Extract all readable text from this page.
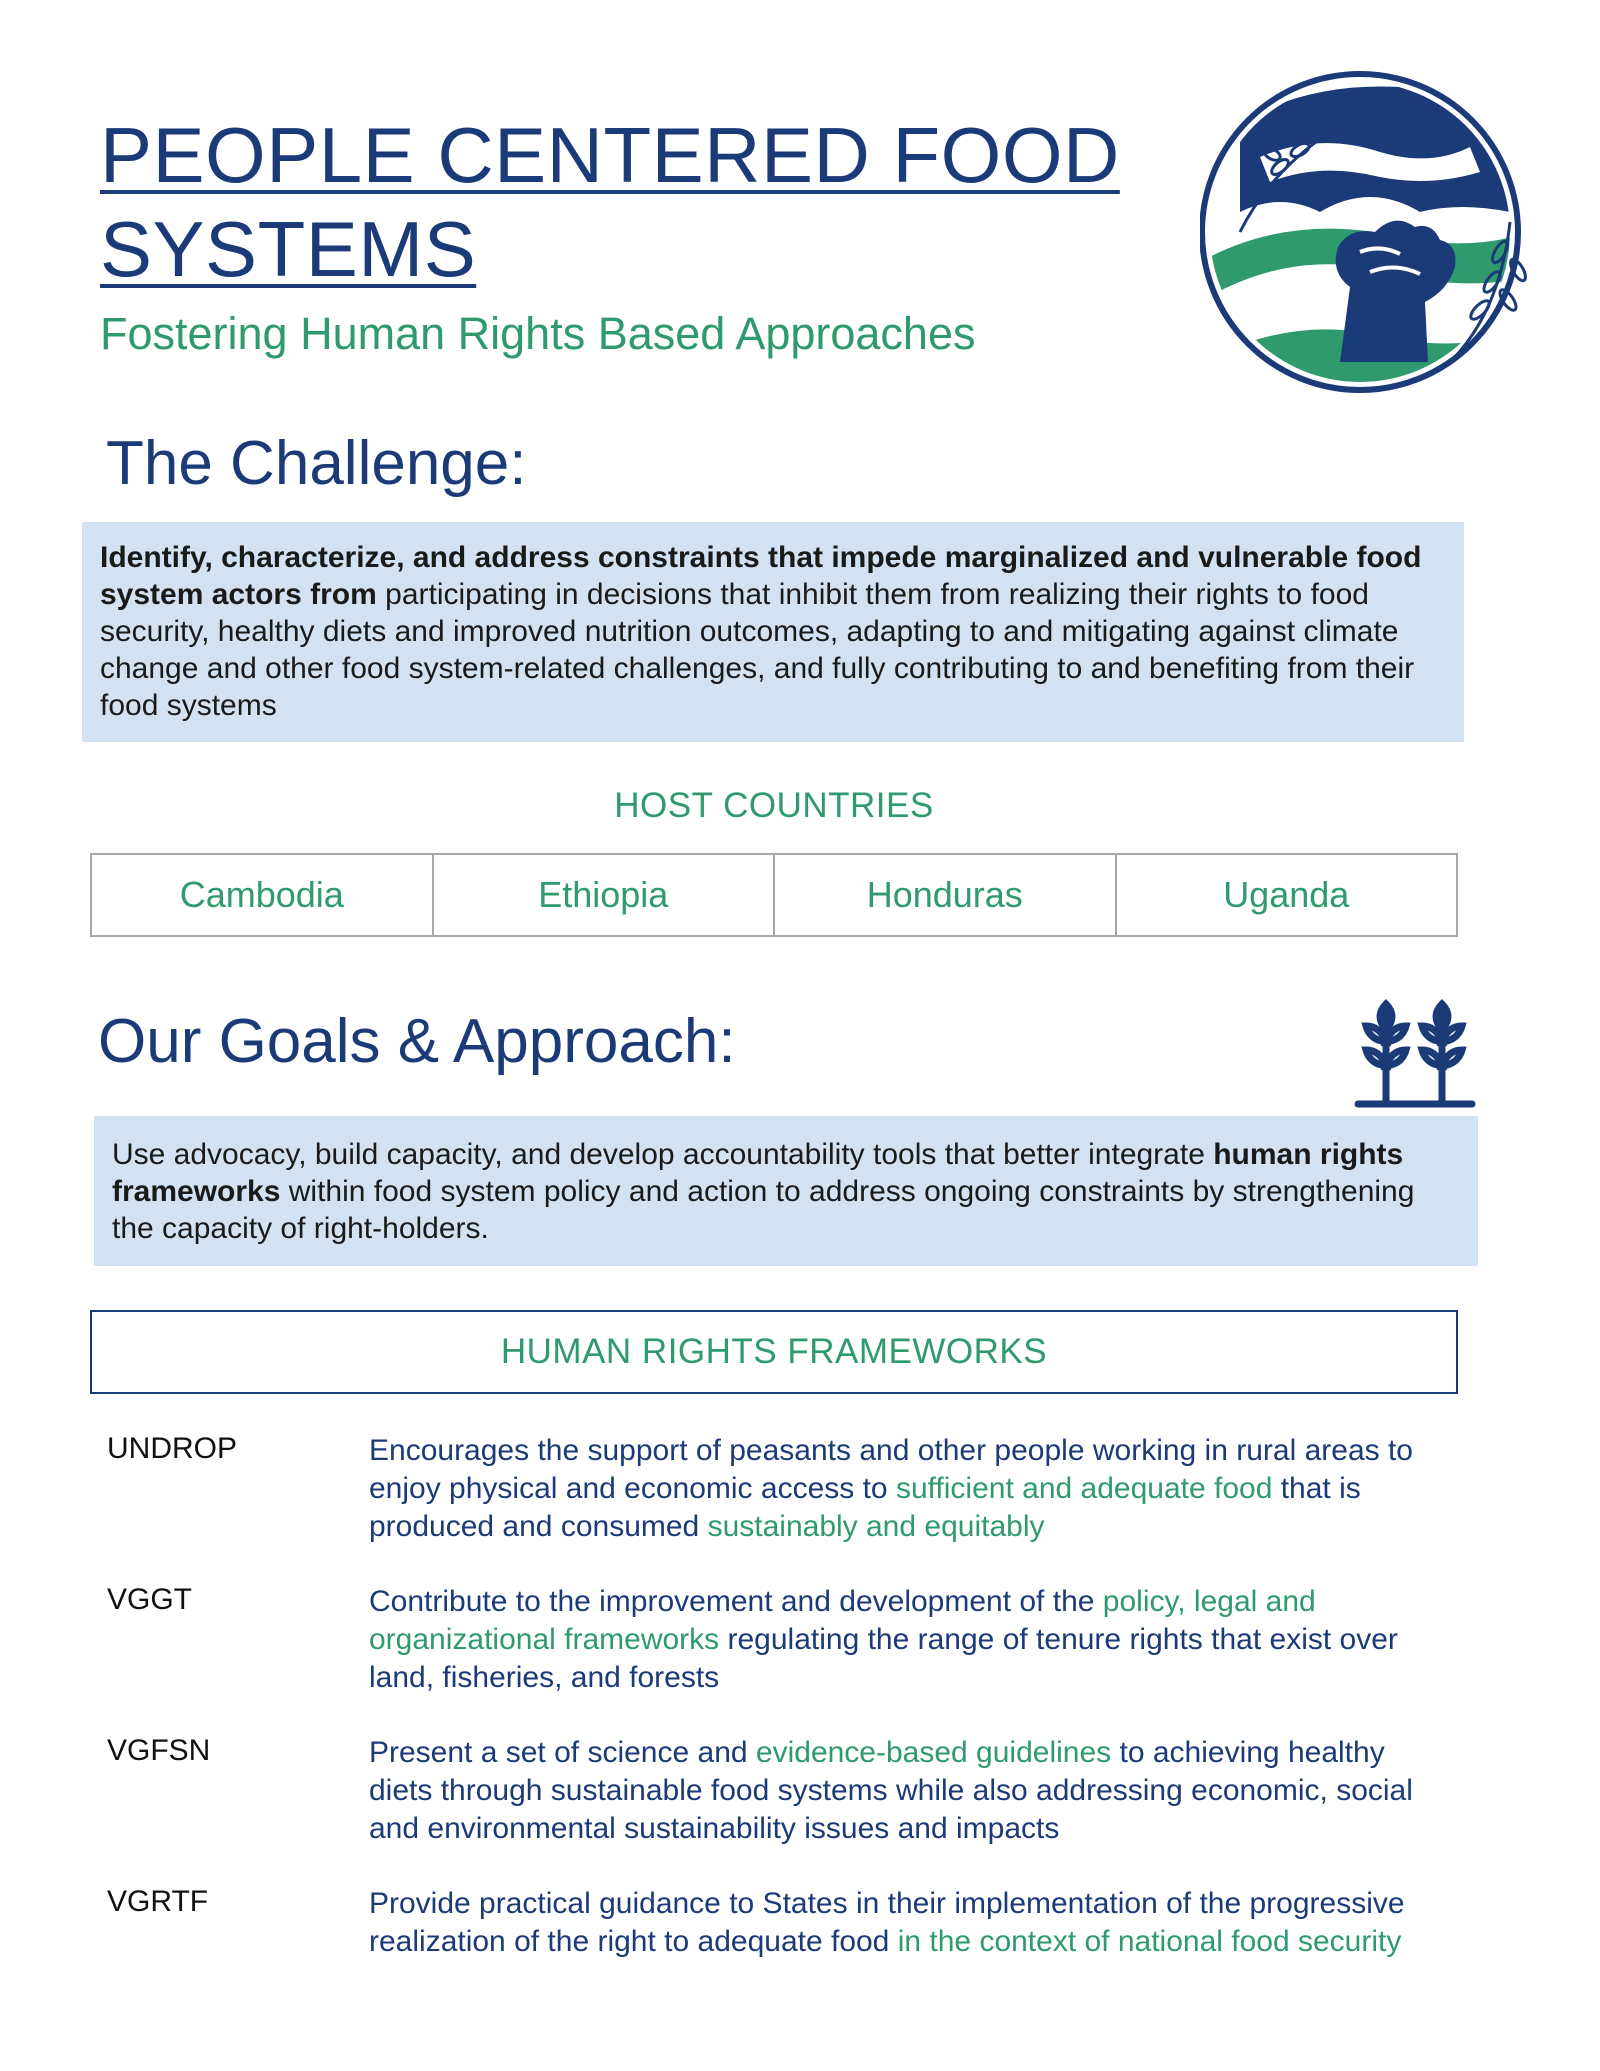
PEOPLE CENTERED FOOD SYSTEMS
Fostering Human Rights Based Approaches
The Challenge:
Identify, characterize, and address constraints that impede marginalized and vulnerable food system actors from participating in decisions that inhibit them from realizing their rights to food security, healthy diets and improved nutrition outcomes, adapting to and mitigating against climate change and other food system-related challenges, and fully contributing to and benefiting from their food systems
HOST COUNTRIES
Cambodia	Ethiopia	Honduras	Uganda
Our Goals & Approach:
Use advocacy, build capacity, and develop accountability tools that better integrate human rights frameworks within food system policy and action to address ongoing constraints by strengthening the capacity of right-holders.
HUMAN RIGHTS FRAMEWORKS
UNDROP	Encourages the support of peasants and other people working in rural areas to enjoy physical and economic access to sufficient and adequate food that is produced and consumed sustainably and equitably
VGGT	Contribute to the improvement and development of the policy, legal and organizational frameworks regulating the range of tenure rights that exist over land, fisheries, and forests
VGFSN	Present a set of science and evidence-based guidelines to achieving healthy diets through sustainable food systems while also addressing economic, social and environmental sustainability issues and impacts
VGRTF	Provide practical guidance to States in their implementation of the progressive realization of the right to adequate food in the context of national food security
